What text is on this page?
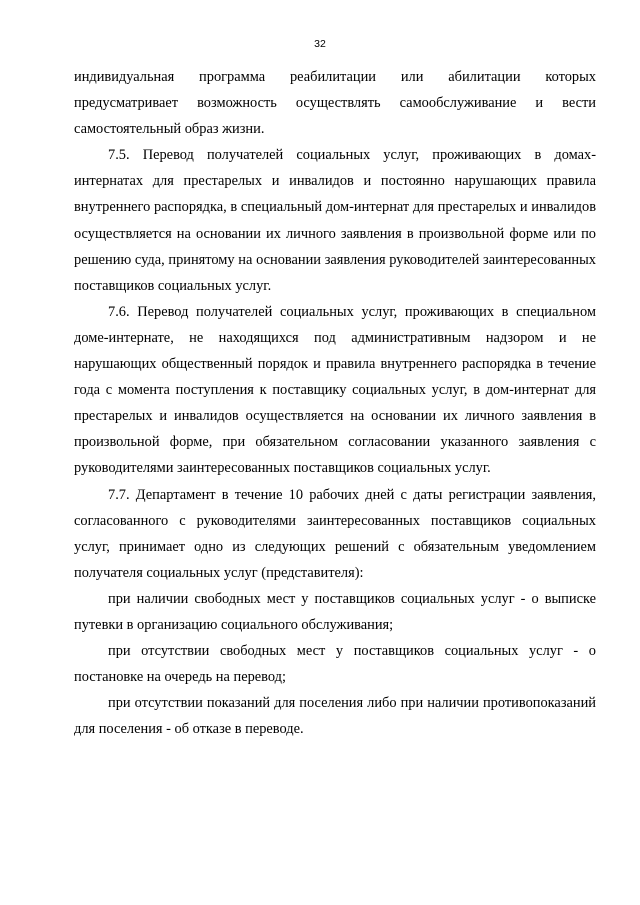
32

индивидуальная программа реабилитации или абилитации которых предусматривает возможность осуществлять самообслуживание и вести самостоятельный образ жизни.

7.5. Перевод получателей социальных услуг, проживающих в домах-интернатах для престарелых и инвалидов и постоянно нарушающих правила внутреннего распорядка, в специальный дом-интернат для престарелых и инвалидов осуществляется на основании их личного заявления в произвольной форме или по решению суда, принятому на основании заявления руководителей заинтересованных поставщиков социальных услуг.

7.6. Перевод получателей социальных услуг, проживающих в специальном доме-интернате, не находящихся под административным надзором и не нарушающих общественный порядок и правила внутреннего распорядка в течение года с момента поступления к поставщику социальных услуг, в дом-интернат для престарелых и инвалидов осуществляется на основании их личного заявления в произвольной форме, при обязательном согласовании указанного заявления с руководителями заинтересованных поставщиков социальных услуг.

7.7. Департамент в течение 10 рабочих дней с даты регистрации заявления, согласованного с руководителями заинтересованных поставщиков социальных услуг, принимает одно из следующих решений с обязательным уведомлением получателя социальных услуг (представителя):

при наличии свободных мест у поставщиков социальных услуг - о выписке путевки в организацию социального обслуживания;

при отсутствии свободных мест у поставщиков социальных услуг - о постановке на очередь на перевод;

при отсутствии показаний для поселения либо при наличии противопоказаний для поселения - об отказе в переводе.
